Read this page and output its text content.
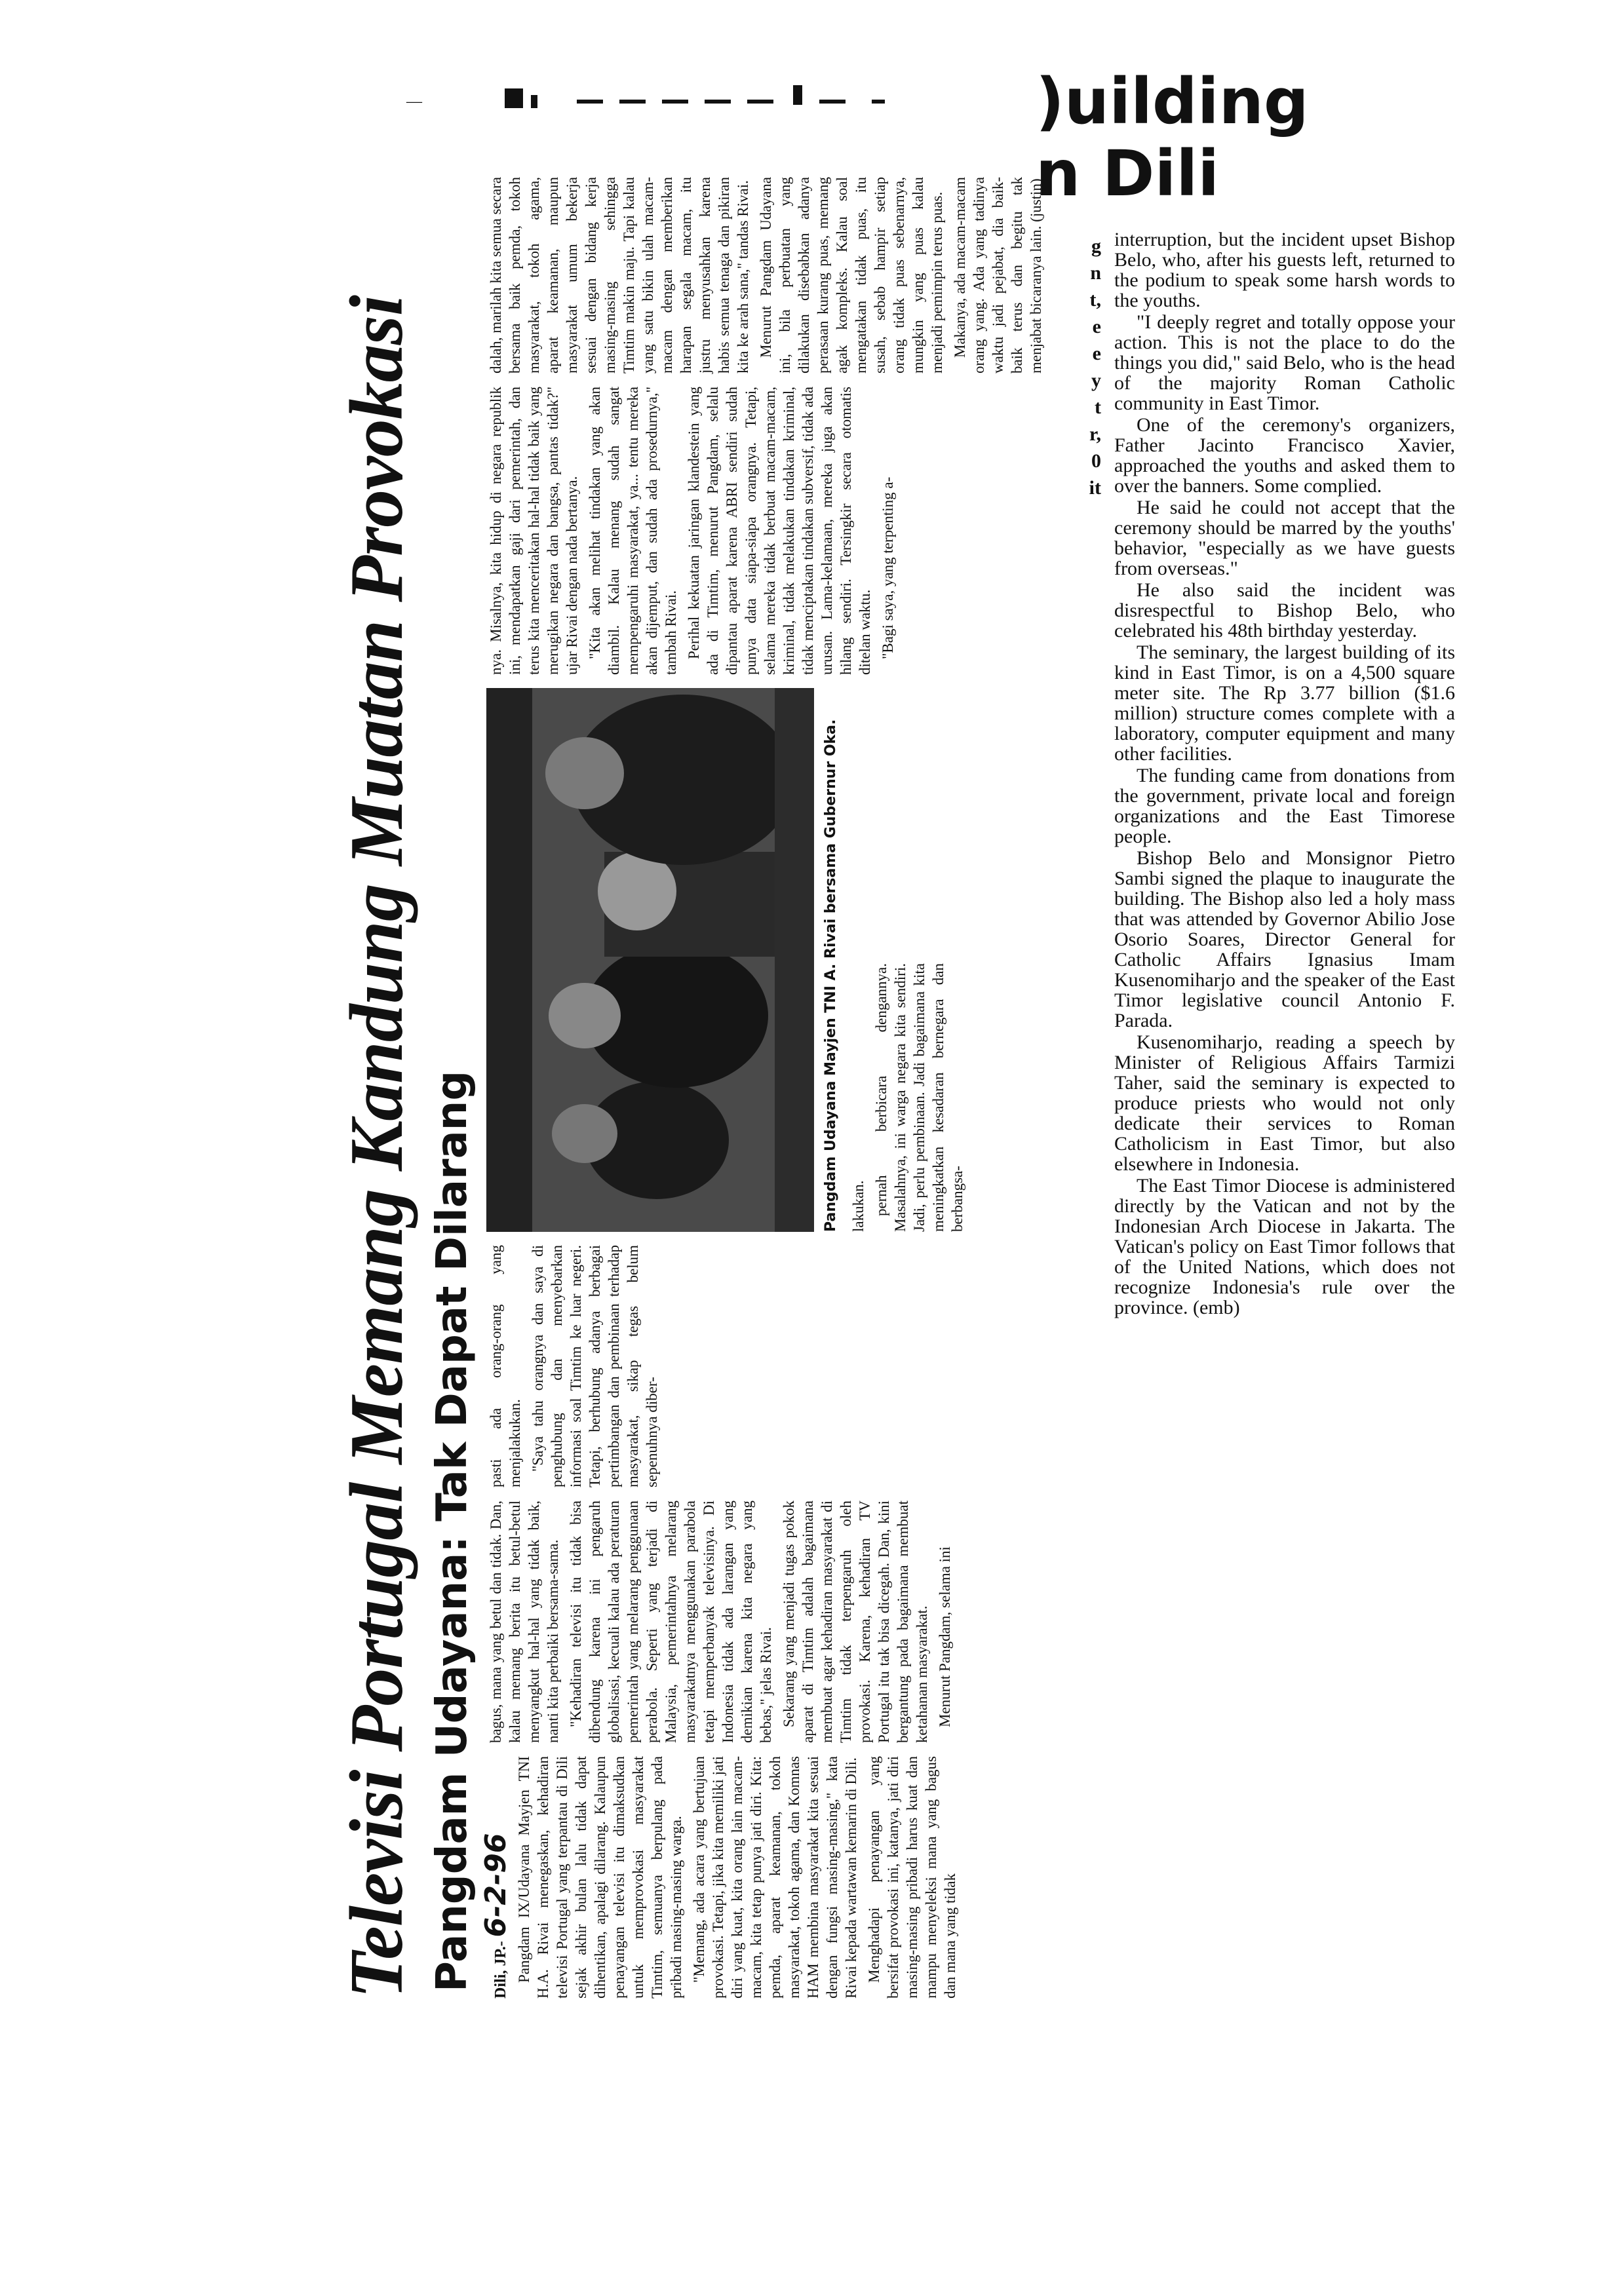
—
Televisi Portugal Memang Kandung Muatan Provokasi Pangdam Udayana: Tak Dapat Dilarang	Dili, JP.- 6-2-96 Pangdam IX/Udayana Mayjen TNI H.A. Rivai menegaskan, kehadiran televisi Portugal yang terpantau di Dili sejak akhir bulan lalu tidak dapat dihentikan, apalagi dilarang. Kalaupun penayangan televisi itu dimaksudkan untuk memprovokasi masyarakat Timtim, semuanya berpulang pada pribadi masing-masing warga. "Memang, ada acara yang bertujuan provokasi. Tetapi, jika kita memiliki jati diri yang kuat, kita orang lain macam-macam, kita tetap punya jati diri. Kita: pemda, aparat keamanan, tokoh masyarakat, tokoh agama, dan Komnas HAM membina masyarakat kita sesuai dengan fungsi masing-masing," kata Rivai kepada wartawan kemarin di Dili. Menghadapi penayangan yang bersifat provokasi ini, katanya, jati diri masing-masing pribadi harus kuat dan mampu menyeleksi mana yang bagus dan mana yang tidak

bagus, mana yang betul dan tidak. Dan, kalau memang berita itu betul-betul menyangkut hal-hal yang tidak baik, nanti kita perbaiki bersama-sama. "Kehadiran televisi itu tidak bisa dibendung karena ini pengaruh globalisasi, kecuali kalau ada peraturan pemerintah yang melarang penggunaan perabola. Seperti yang terjadi di Malaysia, pemerintahnya melarang masyarakatnya menggunakan parabola tetapi memperbanyak televisinya. Di Indonesia tidak ada larangan yang demikian karena kita negara yang bebas," jelas Rivai. Sekarang yang menjadi tugas pokok aparat di Timtim adalah bagaimana membuat agar kehadiran masyarakat di Timtim tidak terpengaruh oleh provokasi. Karena, kehadiran TV Portugal itu tak bisa dicegah. Dan, kini bergantung pada bagaimana membuat ketahanan masyarakat. Menurut Pangdam, selama ini

pasti ada orang-orang yang menjalakukan. "Saya tahu orangnya dan saya di penghubung dan menyebarkan informasi soal Timtim ke luar negeri. Tetapi, berhubung adanya berbagai pertimbangan dan pembinaan terhadap masyarakat, sikap tegas belum sepenuhnya diber-

Pangdam Udayana Mayjen TNI A. Rivai bersama Gubernur Oka. lakukan. pernah berbicara dengannya. Masalahnya, ini warga negara kita sendiri. Jadi, perlu pembinaan. Jadi bagaimana kita meningkatkan kesadaran bernegara dan berbangsa-

nya. Misalnya, kita hidup di negara republik ini, mendapatkan gaji dari pemerintah, dan terus kita menceritakan hal-hal tidak baik yang merugikan negara dan bangsa, pantas tidak?" ujar Rivai dengan nada bertanya. "Kita akan melihat tindakan yang akan diambil. Kalau menang sudah sangat mempengaruhi masyarakat, ya... tentu mereka akan dijemput, dan sudah ada prosedurnya," tambah Rivai. Perihal kekuatan jaringan klandestein yang ada di Timtim, menurut Pangdam, selalu dipantau aparat karena ABRI sendiri sudah punya data siapa-siapa orangnya. Tetapi, selama mereka tidak berbuat macam-macam, kriminal, tidak melakukan tindakan kriminal, tidak menciptakan tindakan subversif, tidak ada urusan. Lama-kelamaan, mereka juga akan hilang sendiri. Tersingkir secara otomatis ditelan waktu. "Bagi saya, yang terpenting a-

dalah, marilah kita semua secara bersama baik pemda, tokoh masyarakat, tokoh agama, aparat keamanan, maupun masyarakat umum bekerja sesuai dengan bidang kerja masing-masing sehingga Timtim makin maju. Tapi kalau yang satu bikin ulah macam-macam dengan memberikan harapan segala macam, itu justru menyusahkan karena habis semua tenaga dan pikiran kita ke arah sana," tandas Rivai. Menurut Pangdam Udayana ini, bila perbuatan yang dilakukan disebabkan adanya perasaan kurang puas, memang agak kompleks. Kalau soal mengatakan tidak puas, itu susah, sebab hampir setiap orang tidak puas sebenarnya, mungkin yang puas kalau menjadi pemimpin terus puas. Makanya, ada macam-macam orang yang. Ada yang tadinya waktu jadi pejabat, dia baik-baik terus dan begitu tak menjabat bicaranya lain. (justin)

)uilding
n Dili
g
n
t,
e
e
y
t
r,
0
it

interruption, but the incident upset Bishop Belo, who, after his guests left, returned to the podium to speak some harsh words to the youths.

"I deeply regret and totally oppose your action. This is not the place to do the things you did," said Belo, who is the head of the majority Roman Catholic community in East Timor.

One of the ceremony's organizers, Father Jacinto Francisco Xavier, approached the youths and asked them to over the banners. Some complied.

He said he could not accept that the ceremony should be marred by the youths' behavior, "especially as we have guests from overseas."

He also said the incident was disrespectful to Bishop Belo, who celebrated his 48th birthday yesterday.

The seminary, the largest building of its kind in East Timor, is on a 4,500 square meter site. The Rp 3.77 billion ($1.6 million) structure comes complete with a laboratory, computer equipment and many other facilities.

The funding came from donations from the government, private local and foreign organizations and the East Timorese people.

Bishop Belo and Monsignor Pietro Sambi signed the plaque to inaugurate the building. The Bishop also led a holy mass that was attended by Governor Abilio Jose Osorio Soares, Director General for Catholic Affairs Ignasius Imam Kusenomiharjo and the speaker of the East Timor legislative council Antonio F. Parada.

Kusenomiharjo, reading a speech by Minister of Religious Affairs Tarmizi Taher, said the seminary is expected to produce priests who would not only dedicate their services to Roman Catholicism in East Timor, but also elsewhere in Indonesia.

The East Timor Diocese is administered directly by the Vatican and not by the Indonesian Arch Diocese in Jakarta. The Vatican's policy on East Timor follows that of the United Nations, which does not recognize Indonesia's rule over the province. (emb)
